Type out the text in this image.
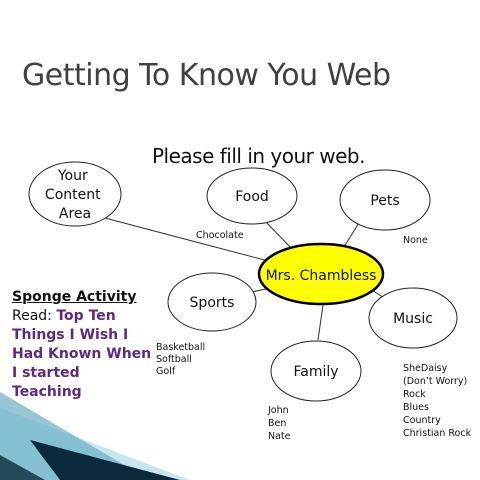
Getting To Know You Web
Please fill in your web.
Your Content Area
Food	Pets
Sports
Music
Family
Mrs. Chambless
Chocolate	None
Basketball Softball Golf	SheDaisy (Don’t Worry) Rock Blues Country Christian Rock
John Ben Nate
Sponge Activity
Read: Top Ten Things I Wish I Had Known When I started Teaching
